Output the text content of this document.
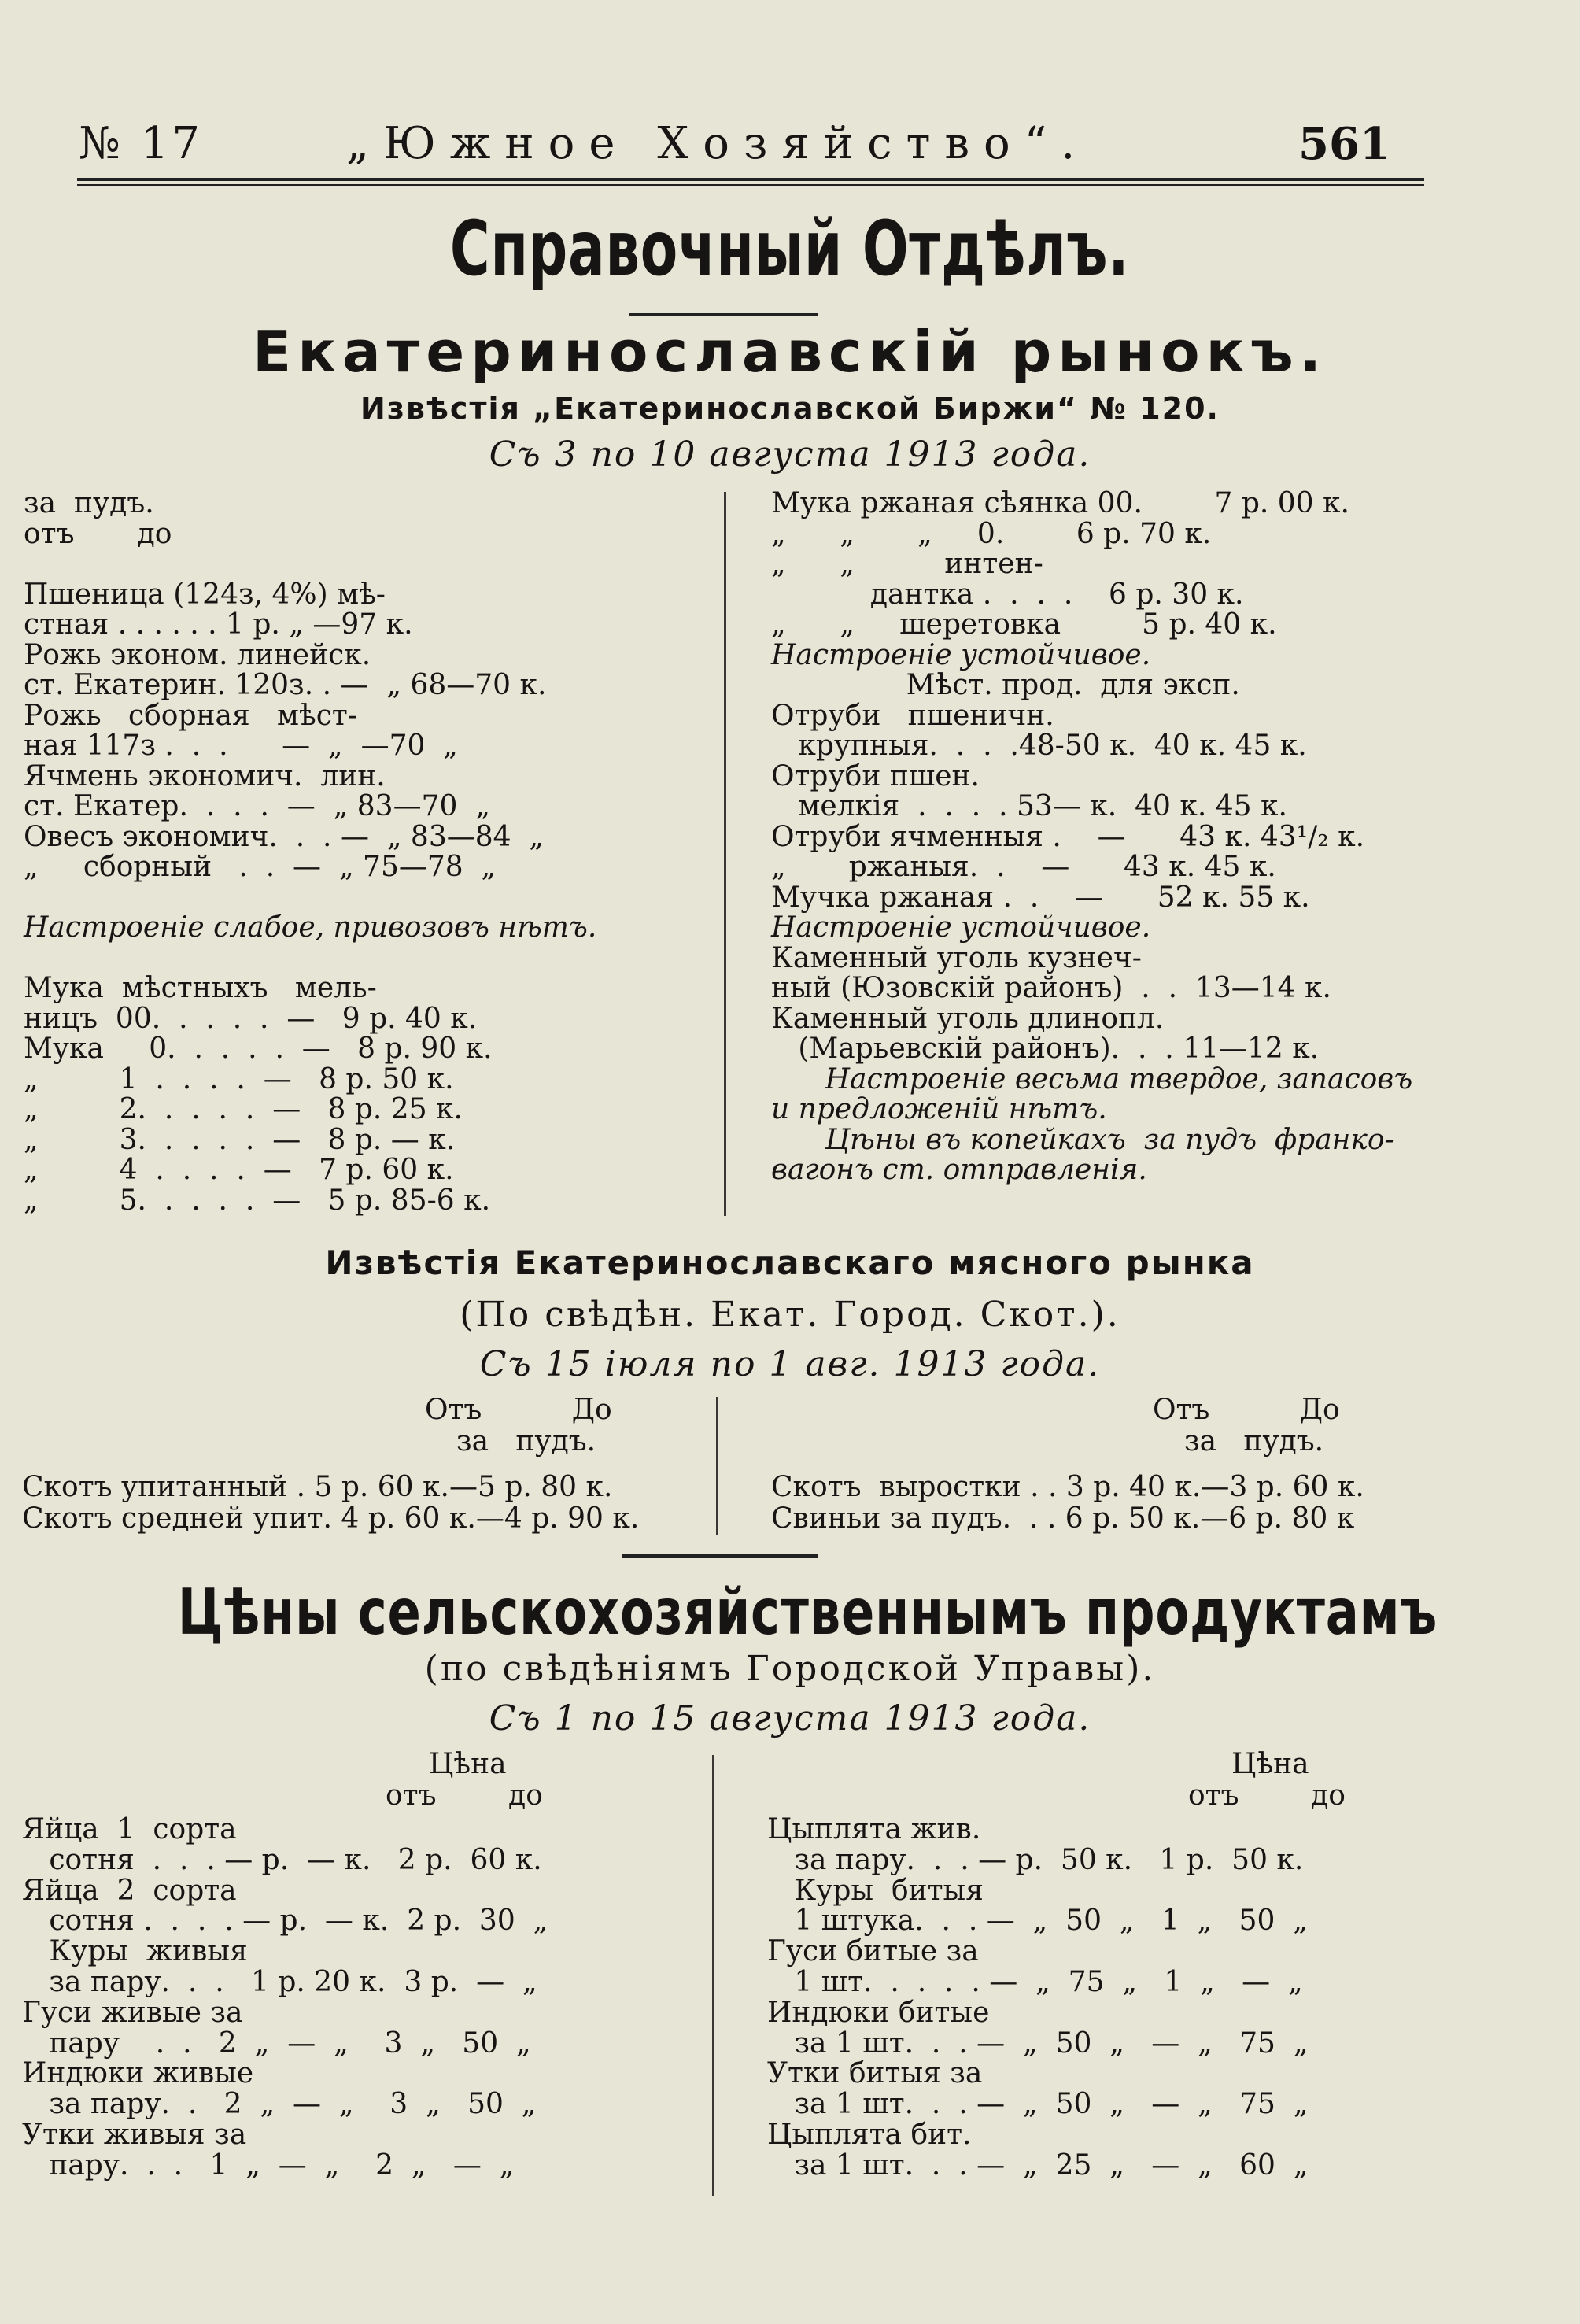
№ 17	„Южное Хозяйство“.	561
Справочный Отдѣлъ.
Екатеринославскій рынокъ.
Извѣстія „Екатеринославской Биржи“ № 120.
Съ 3 по 10 августа 1913 года.
за  пудъ.
отъ       до
Пшеница (124з, 4%) мѣ-
стная . . . . . . 1 р. „ —97 к.
Рожь эконом. линейск.
ст. Екатерин. 120з. . —  „ 68—70 к.
Рожь   сборная   мѣст-
ная 117з .  .  .      —  „  —70  „
Ячмень экономич.  лин.
ст. Екатер.  .  .  .  —  „ 83—70  „
Овесъ экономич.  .  . —  „ 83—84  „
„     сборный   .  .  —  „ 75—78  „
Настроеніе слабое, привозовъ нѣтъ.
Мука  мѣстныхъ   мель-
ницъ  00.  .  .  .  .  —   9 р. 40 к.
Мука     0.  .  .  .  .  —   8 р. 90 к.
„         1  .  .  .  .  —   8 р. 50 к.
„         2.  .  .  .  .  —   8 р. 25 к.
„         3.  .  .  .  .  —   8 р. — к.
„         4  .  .  .  .  —   7 р. 60 к.
„         5.  .  .  .  .  —   5 р. 85-6 к.
Мука ржаная сѣянка 00.        7 р. 00 к.
„      „       „     0.        6 р. 70 к.
„      „          интен-
дантка .  .  .  .    6 р. 30 к.
„      „     шеретовка         5 р. 40 к.
Настроеніе устойчивое.
Мѣст. прод.  для эксп.
Отруби   пшеничн.
крупныя.  .  .  .48-50 к.  40 к. 45 к.
Отруби пшен.
мелкія  .  .  .  . 53— к.  40 к. 45 к.
Отруби ячменныя .    —      43 к. 43¹/₂ к.
„       ржаныя.  .    —      43 к. 45 к.
Мучка ржаная .  .    —      52 к. 55 к.
Настроеніе устойчивое.
Каменный уголь кузнеч-
ный (Юзовскій районъ)  .  .  13—14 к.
Каменный уголь длинопл.
(Марьевскій районъ).  .  . 11—12 к.
Настроеніе весьма твердое, запасовъ
и предложеній нѣтъ.
Цѣны въ копейкахъ  за пудъ  франко-
вагонъ ст. отправленія.
Извѣстія Екатеринославскаго мясного рынка
(По свѣдѣн. Екат. Город. Скот.).
Съ 15 іюля по 1 авг. 1913 года.
Отъ          До
за   пудъ.
Скотъ упитанный . 5 р. 60 к.—5 р. 80 к.
Скотъ средней упит. 4 р. 60 к.—4 р. 90 к.
Отъ          До
за   пудъ.
Скотъ  выростки . . 3 р. 40 к.—3 р. 60 к.
Свиньи за пудъ.  . . 6 р. 50 к.—6 р. 80 к
Цѣны сельскохозяйственнымъ продуктамъ
(по свѣдѣніямъ Городской Управы).
Съ 1 по 15 августа 1913 года.
Цѣна
отъ        до
Яйца  1  сорта
сотня  .  .  . — р.  — к.   2 р.  60 к.
Яйца  2  сорта
сотня .  .  .  . — р.  — к.  2 р.  30  „
Куры  живыя
за пару.  .  .   1 р. 20 к.  3 р.  —  „
Гуси живые за
пару    .  .   2  „  —  „    3  „   50  „
Индюки живые
за пару.  .   2  „  —  „    3  „   50  „
Утки живыя за
пару.  .  .   1  „  —  „    2  „   —  „
Цѣна
отъ        до
Цыплята жив.
за пару.  .  . — р.  50 к.   1 р.  50 к.
Куры  битыя
1 штука.  .  . —  „  50  „   1  „   50  „
Гуси битые за
1 шт.  .  .  .  . —  „  75  „   1  „   —  „
Индюки битые
за 1 шт.  .  . —  „  50  „   —  „   75  „
Утки битыя за
за 1 шт.  .  . —  „  50  „   —  „   75  „
Цыплята бит.
за 1 шт.  .  . —  „  25  „   —  „   60  „
